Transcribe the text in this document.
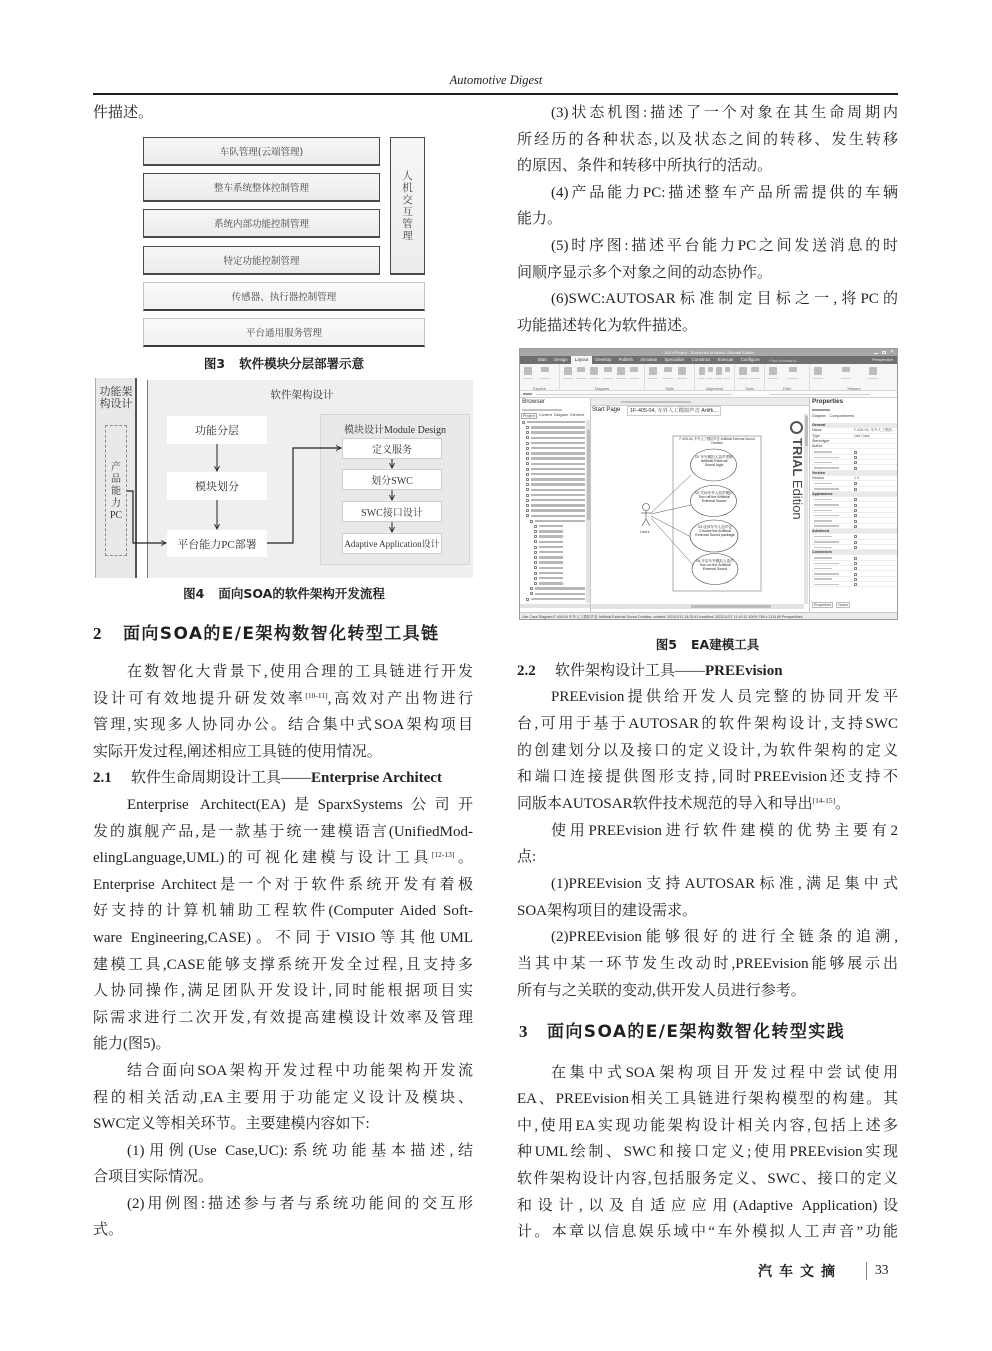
Automotive Digest
件描述。
车队管理(云端管理)
整车系统整体控制管理
系统内部功能控制管理
特定功能控制管理
人机交互管理
传感器、执行器控制管理
平台通用服务管理
图3 软件模块分层部署示意
功能架构设计
产品能力PC
软件架构设计
功能分层
模块划分
平台能力PC部署
模块设计Module Design
定义服务
划分SWC
SWC接口设计
Adaptive Application设计
图4 面向SOA的软件架构开发流程
2 面向SOA的E/E架构数智化转型工具链
在数智化大背景下,使用合理的工具链进行开发
设计可有效地提升研发效率[10-11],高效对产出物进行
管理,实现多人协同办公。结合集中式SOA架构项目
实际开发过程,阐述相应工具链的使用情况。
2.1 软件生命周期设计工具——Enterprise Architect
Enterprise Architect(EA)是SparxSystems公司开
发的旗舰产品,是一款基于统一建模语言(UnifiedMod-
elingLanguage,UML)的可视化建模与设计工具[12-13]。
Enterprise Architect是一个对于软件系统开发有着极
好支持的计算机辅助工程软件(Computer Aided Soft-
ware Engineering,CASE)。不同于VISIO等其他UML
建模工具,CASE能够支撑系统开发全过程,且支持多
人协同操作,满足团队开发设计,同时能根据项目实
际需求进行二次开发,有效提高建模设计效率及管理
能力(图5)。
结合面向SOA架构开发过程中功能架构开发流
程的相关活动,EA主要用于功能定义设计及模块、
SWC定义等相关环节。主要建模内容如下:
(1)用例(Use Case,UC):系统功能基本描述,结
合项目实际情况。
(2)用例图:描述参与者与系统功能间的交互形
式。
(3)状态机图:描述了一个对象在其生命周期内
所经历的各种状态,以及状态之间的转移、发生转移
的原因、条件和转移中所执行的活动。
(4)产品能力PC:描述整车产品所需提供的车辆
能力。
(5)时序图:描述平台能力PC之间发送消息的时
间顺序显示多个对象之间的动态协作。
(6)SWC:AUTOSAR标准制定目标之一,将PC的
功能描述转化为软件描述。
#1EUProject - Enterprise Architect Ultimate Edition	✕
Start	Design	Layout	Develop	Publish	Simulate	Specialize	Construct	Execute	Configure	Find command...	Perspective
Explore	Diagram	Style	Alignment	Tools	Filter	Helpers
Browser
Project	Context Diagram Element
Start Page	1F-405-04, 车外人工模拟声音 Artifk...
F-405-04, 车外人工模拟声音 Artificial External Sound Creation
Users
01 车外模拟人造声逻辑 Artificial External Sound logic
02 关闭车外人造声模拟 Turn off the Artificial External Sound
03 选择车外人造声包 Choose the Artificial External Sound package
04 开启车外模拟人造声 Turn on the Artificial External Sound
TRIAL Edition
Properties
Diagram Compartments
General
Name	F-405-04, 车外人工模拟...
Type	Use Case
Stereotype
Author
Version
Version	1.0
Appearance
Advanced
Connectors
Properties	Notes
Use Case Diagram:F-405-04 车外人工模拟声音 Artificial External Sound Creation: created: 2021/1/12 14:33:41 modified: 2022/11/27 11:10:12 100% 768 x 1134 All Perspectives
图5 EA建模工具
2.2 软件架构设计工具——PREEvision
PREEvision提供给开发人员完整的协同开发平
台,可用于基于AUTOSAR的软件架构设计,支持SWC
的创建划分以及接口的定义设计,为软件架构的定义
和端口连接提供图形支持,同时PREEvision还支持不
同版本AUTOSAR软件技术规范的导入和导出[14-15]。
使用PREEvision进行软件建模的优势主要有2
点:
(1)PREEvision支持AUTOSAR标准,满足集中式
SOA架构项目的建设需求。
(2)PREEvision能够很好的进行全链条的追溯,
当其中某一环节发生改动时,PREEvision能够展示出
所有与之关联的变动,供开发人员进行参考。
3 面向SOA的E/E架构数智化转型实践
在集中式SOA架构项目开发过程中尝试使用
EA、PREEvision相关工具链进行架构模型的构建。其
中,使用EA实现功能架构设计相关内容,包括上述多
种UML绘制、SWC和接口定义;使用PREEvision实现
软件架构设计内容,包括服务定义、SWC、接口的定义
和设计,以及自适应应用(Adaptive Application)设
计。本章以信息娱乐域中“车外模拟人工声音”功能
汽车文摘 33
